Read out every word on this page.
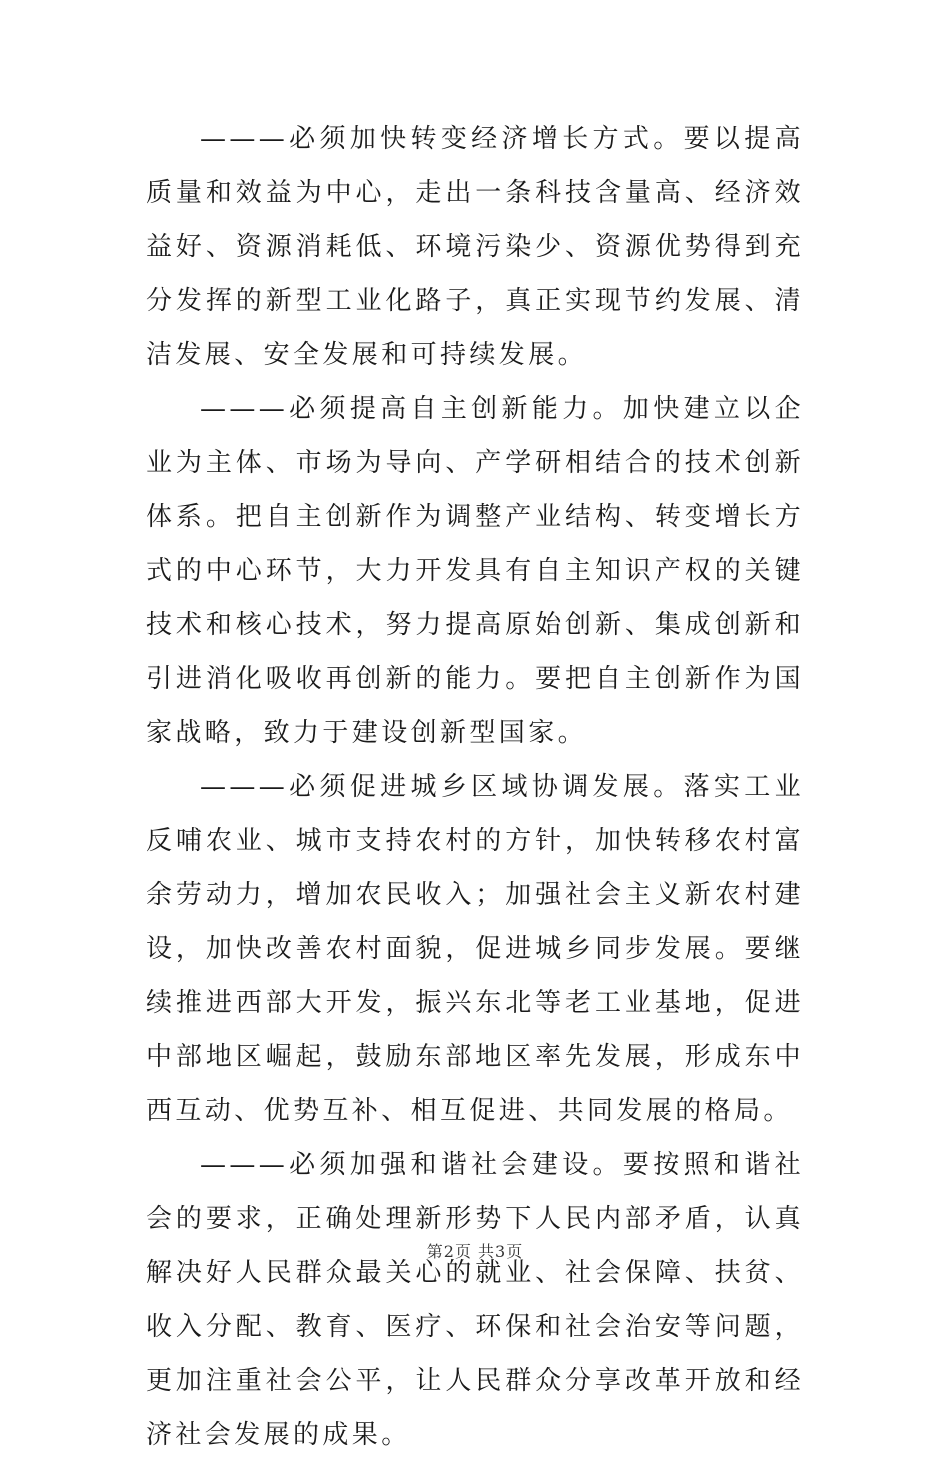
———必须加快转变经济增长方式。要以提高质量和效益为中心，走出一条科技含量高、经济效益好、资源消耗低、环境污染少、资源优势得到充分发挥的新型工业化路子，真正实现节约发展、清洁发展、安全发展和可持续发展。

———必须提高自主创新能力。加快建立以企业为主体、市场为导向、产学研相结合的技术创新体系。把自主创新作为调整产业结构、转变增长方式的中心环节，大力开发具有自主知识产权的关键技术和核心技术，努力提高原始创新、集成创新和引进消化吸收再创新的能力。要把自主创新作为国家战略，致力于建设创新型国家。

———必须促进城乡区域协调发展。落实工业反哺农业、城市支持农村的方针，加快转移农村富余劳动力，增加农民收入；加强社会主义新农村建设，加快改善农村面貌，促进城乡同步发展。要继续推进西部大开发，振兴东北等老工业基地，促进中部地区崛起，鼓励东部地区率先发展，形成东中西互动、优势互补、相互促进、共同发展的格局。

———必须加强和谐社会建设。要按照和谐社会的要求，正确处理新形势下人民内部矛盾，认真解决好人民群众最关心的就业、社会保障、扶贫、收入分配、教育、医疗、环保和社会治安等问题，更加注重社会公平，让人民群众分享改革开放和经济社会发展的成果。

第2页 共3页
